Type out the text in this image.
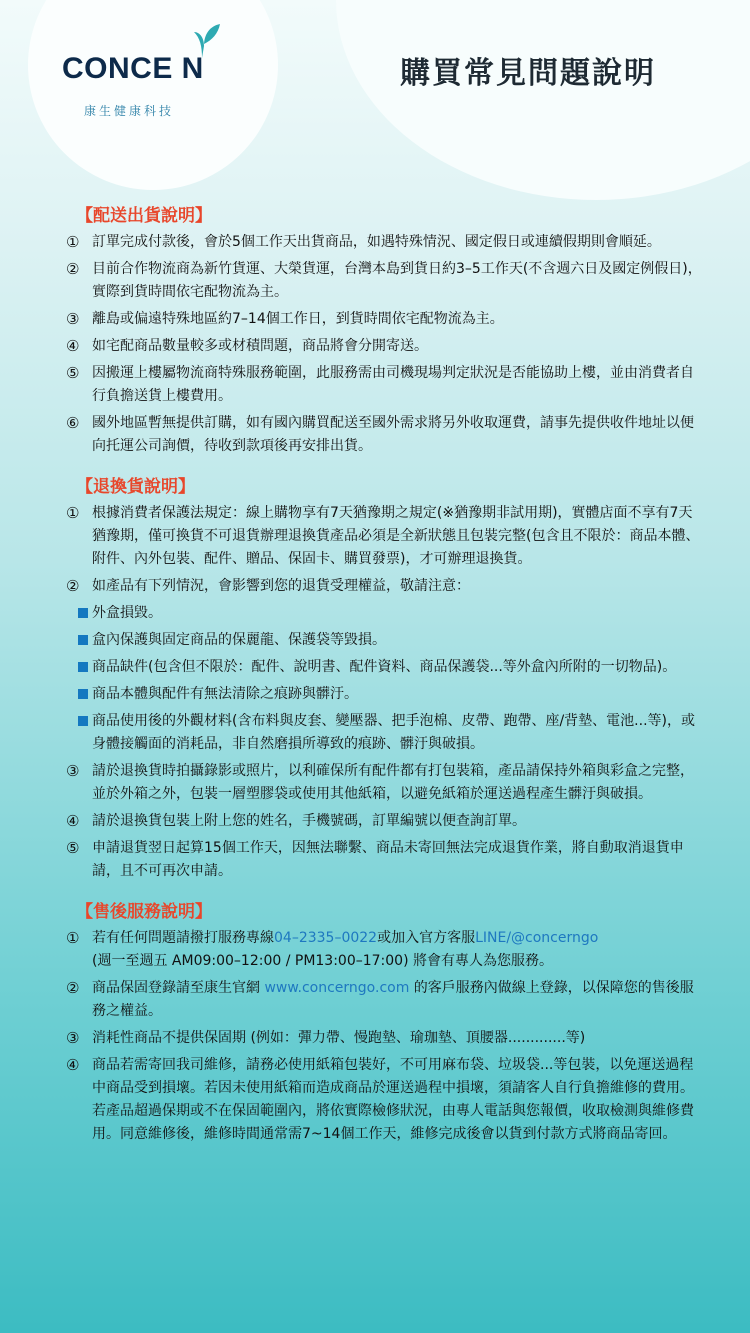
CONCE N
康生健康科技
購買常見問題說明
【配送出貨說明】
① 訂單完成付款後，會於5個工作天出貨商品，如遇特殊情況、國定假日或連續假期則會順延。
② 目前合作物流商為新竹貨運、大榮貨運，台灣本島到貨日約3–5工作天(不含週六日及國定例假日)，實際到貨時間依宅配物流為主。
③ 離島或偏遠特殊地區約7–14個工作日，到貨時間依宅配物流為主。
④ 如宅配商品數量較多或材積問題，商品將會分開寄送。
⑤ 因搬運上樓屬物流商特殊服務範圍，此服務需由司機現場判定狀況是否能協助上樓，並由消費者自行負擔送貨上樓費用。
⑥ 國外地區暫無提供訂購，如有國內購買配送至國外需求將另外收取運費，請事先提供收件地址以便向托運公司詢價，待收到款項後再安排出貨。
【退換貨說明】
① 根據消費者保護法規定：線上購物享有7天猶豫期之規定(※猶豫期非試用期)，實體店面不享有7天猶豫期，僅可換貨不可退貨辦理退換貨產品必須是全新狀態且包裝完整(包含且不限於：商品本體、附件、內外包裝、配件、贈品、保固卡、購買發票)，才可辦理退換貨。
② 如產品有下列情況，會影響到您的退貨受理權益，敬請注意：
外盒損毀。
盒內保護與固定商品的保麗龍、保護袋等毀損。
商品缺件(包含但不限於：配件、說明書、配件資料、商品保護袋...等外盒內所附的一切物品)。
商品本體與配件有無法清除之痕跡與髒汙。
商品使用後的外觀材料(含布料與皮套、變壓器、把手泡棉、皮帶、跑帶、座/背墊、電池...等)，或身體接觸面的消耗品，非自然磨損所導致的痕跡、髒汙與破損。
③ 請於退換貨時拍攝錄影或照片，以利確保所有配件都有打包裝箱，產品請保持外箱與彩盒之完整，並於外箱之外，包裝一層塑膠袋或使用其他紙箱，以避免紙箱於運送過程產生髒汙與破損。
④ 請於退換貨包裝上附上您的姓名，手機號碼，訂單編號以便查詢訂單。
⑤ 申請退貨翌日起算15個工作天，因無法聯繫、商品未寄回無法完成退貨作業，將自動取消退貨申請，且不可再次申請。
【售後服務說明】
① 若有任何問題請撥打服務專線04–2335–0022或加入官方客服LINE/@concerngo
(週一至週五 AM09:00–12:00 / PM13:00–17:00) 將會有專人為您服務。
② 商品保固登錄請至康生官網 www.concerngo.com 的客戶服務內做線上登錄，以保障您的售後服務之權益。
③ 消耗性商品不提供保固期 (例如：彈力帶、慢跑墊、瑜珈墊、頂腰器.............等)
④ 商品若需寄回我司維修，請務必使用紙箱包裝好，不可用麻布袋、垃圾袋...等包裝，以免運送過程中商品受到損壞。若因未使用紙箱而造成商品於運送過程中損壞，須請客人自行負擔維修的費用。若產品超過保期或不在保固範圍內，將依實際檢修狀況，由專人電話與您報價，收取檢測與維修費用。同意維修後，維修時間通常需7~14個工作天，維修完成後會以貨到付款方式將商品寄回。
